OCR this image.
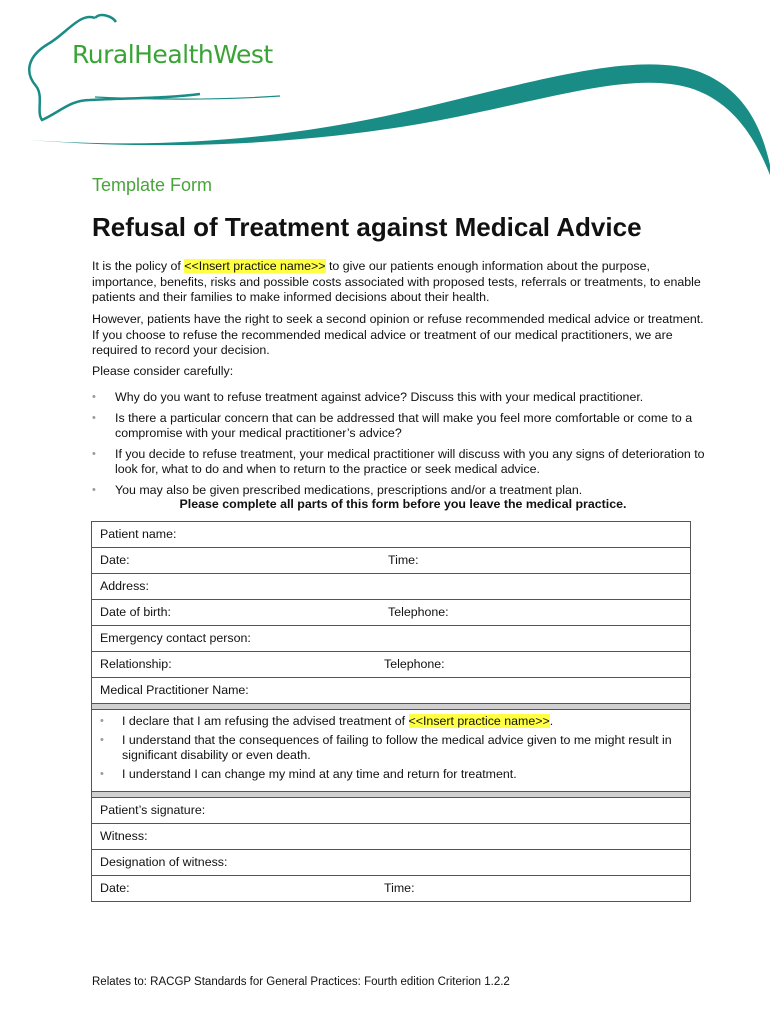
RuralHealthWest
Template Form
Refusal of Treatment against Medical Advice

It is the policy of <<Insert practice name>> to give our patients enough information about the purpose, importance, benefits, risks and possible costs associated with proposed tests, referrals or treatments, to enable patients and their families to make informed decisions about their health.

However, patients have the right to seek a second opinion or refuse recommended medical advice or treatment. If you choose to refuse the recommended medical advice or treatment of our medical practitioners, we are required to record your decision.

Please consider carefully:

• Why do you want to refuse treatment against advice? Discuss this with your medical practitioner.
• Is there a particular concern that can be addressed that will make you feel more comfortable or come to a compromise with your medical practitioner’s advice?
• If you decide to refuse treatment, your medical practitioner will discuss with you any signs of deterioration to look for, what to do and when to return to the practice or seek medical advice.
• You may also be given prescribed medications, prescriptions and/or a treatment plan.
Please complete all parts of this form before you leave the medical practice.
Patient name:
Date:	Time:
Address:
Date of birth:	Telephone:
Emergency contact person:
Relationship:	Telephone:
Medical Practitioner Name:
• I declare that I am refusing the advised treatment of <<Insert practice name>>.
• I understand that the consequences of failing to follow the medical advice given to me might result in significant disability or even death.
• I understand I can change my mind at any time and return for treatment.
Patient’s signature:
Witness:
Designation of witness:
Date:	Time:
Relates to: RACGP Standards for General Practices: Fourth edition Criterion 1.2.2
